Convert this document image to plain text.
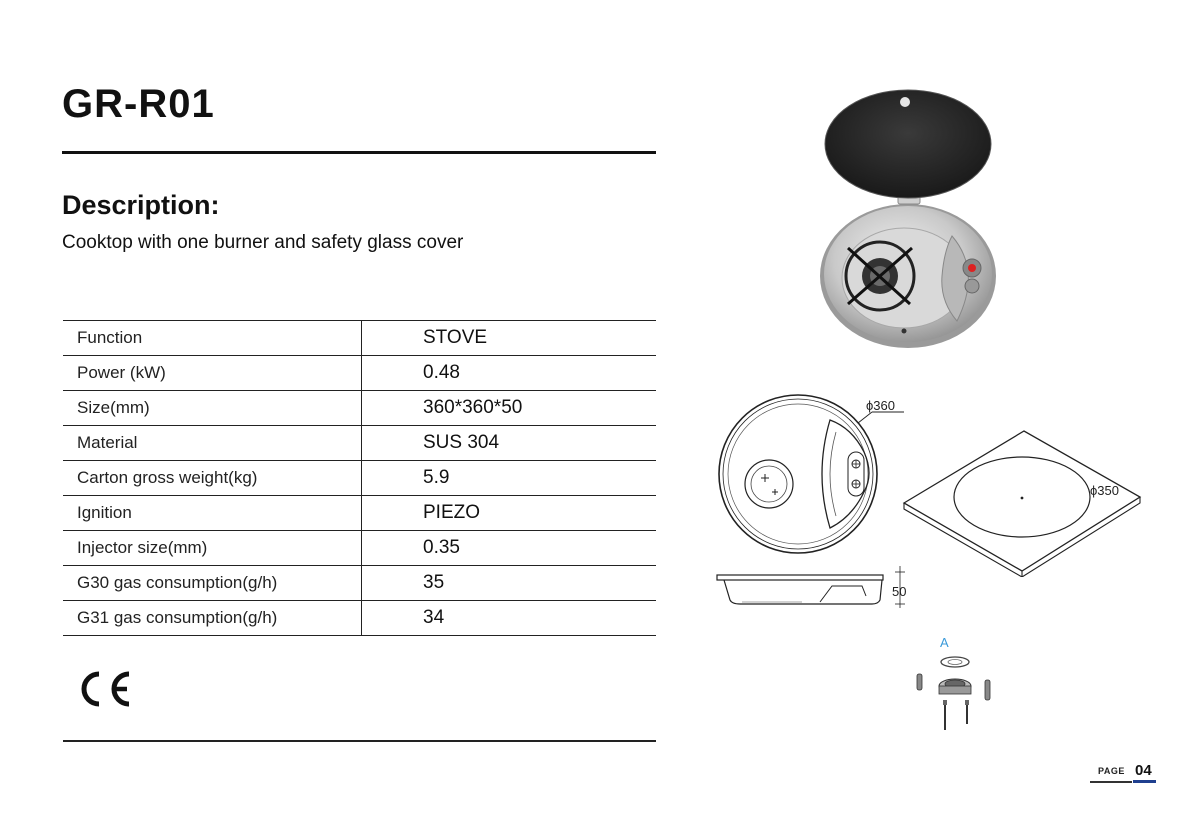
GR-R01
Description:
Cooktop with one burner and safety glass cover
Function	STOVE
Power (kW)	0.48
Size(mm)	360*360*50
Material	SUS 304
Carton gross weight(kg)	5.9
Ignition	PIEZO
Injector size(mm)	0.35
G30 gas consumption(g/h)	35
G31 gas consumption(g/h)	34
ϕ360
ϕ350
50
A
PAGE 04
